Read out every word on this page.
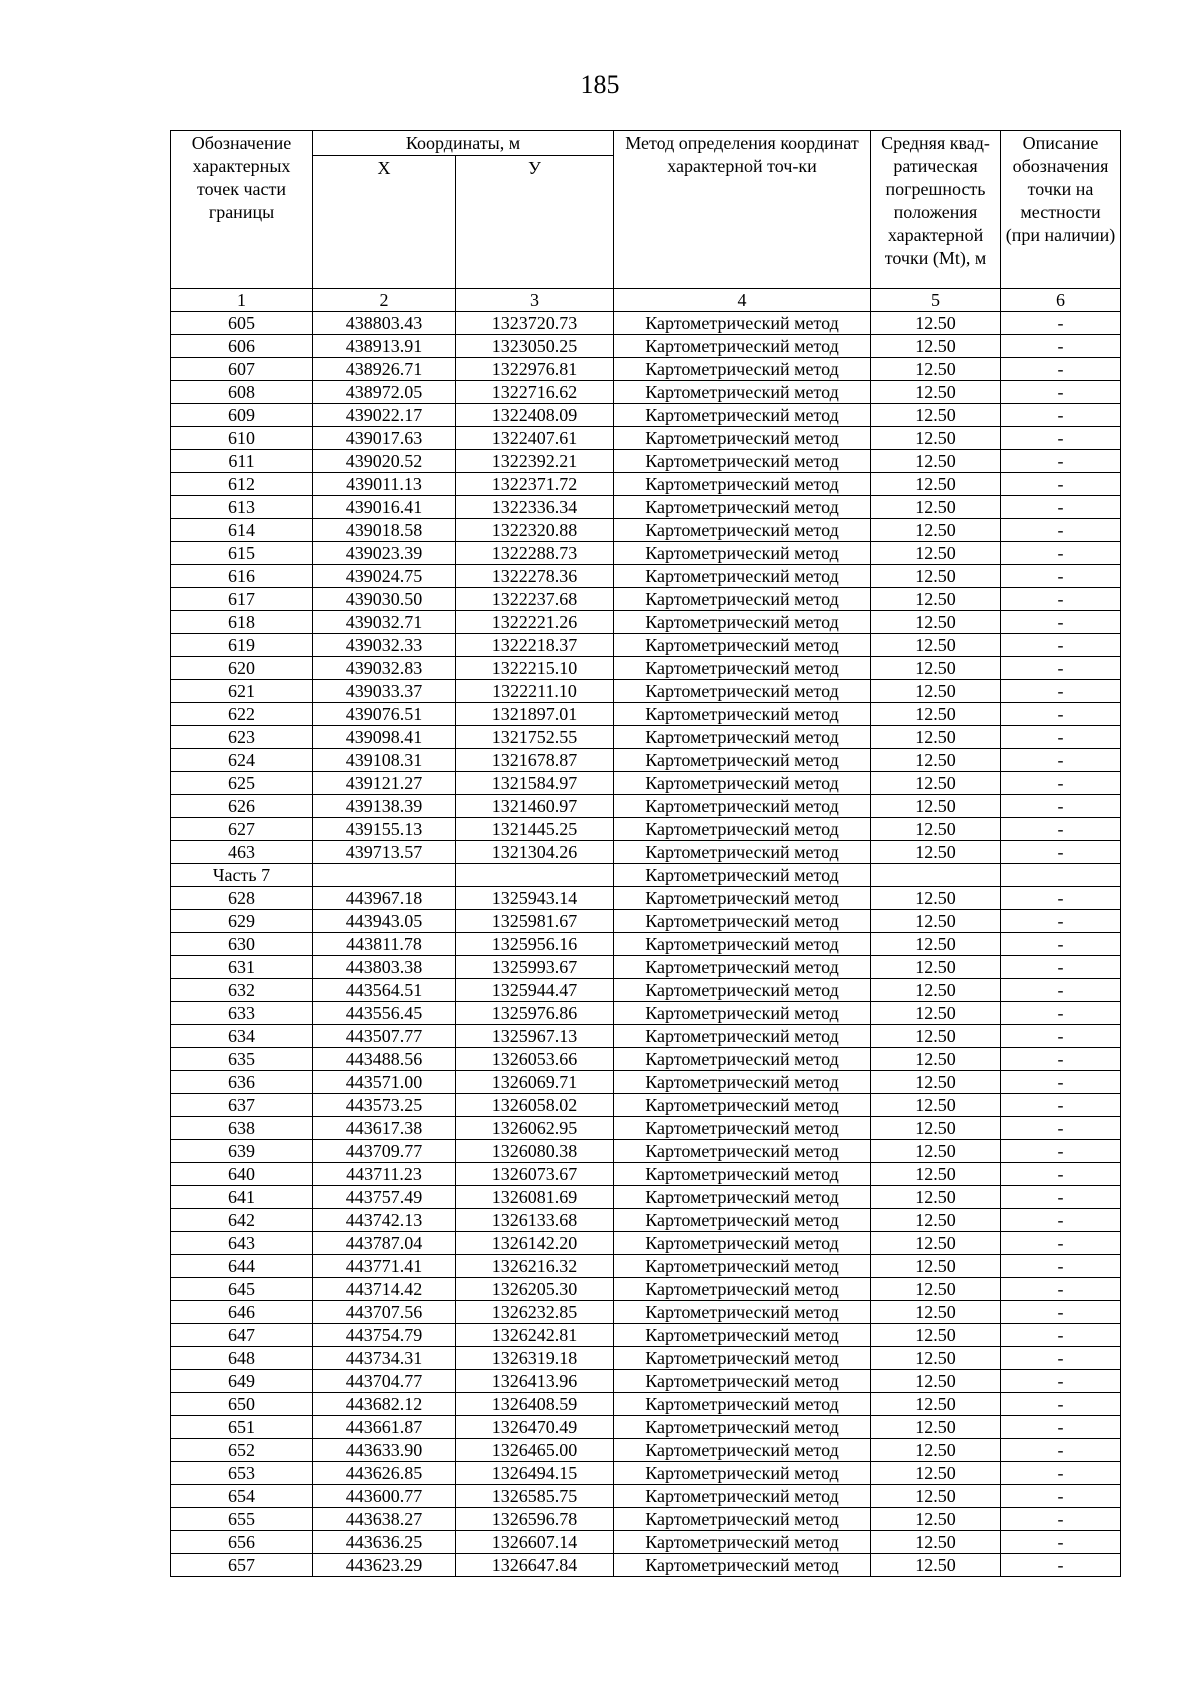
185
Обозначение характерных точек части границы	Координаты, м		Метод определения координат характерной точ-ки	Средняя квад-ратическая погрешность положения характерной точки (Mt), м	Описание обозначения точки на местности (при наличии)
	X	У			
1	2	3	4	5	6
605	438803.43	1323720.73	Картометрический метод	12.50	-
606	438913.91	1323050.25	Картометрический метод	12.50	-
607	438926.71	1322976.81	Картометрический метод	12.50	-
608	438972.05	1322716.62	Картометрический метод	12.50	-
609	439022.17	1322408.09	Картометрический метод	12.50	-
610	439017.63	1322407.61	Картометрический метод	12.50	-
611	439020.52	1322392.21	Картометрический метод	12.50	-
612	439011.13	1322371.72	Картометрический метод	12.50	-
613	439016.41	1322336.34	Картометрический метод	12.50	-
614	439018.58	1322320.88	Картометрический метод	12.50	-
615	439023.39	1322288.73	Картометрический метод	12.50	-
616	439024.75	1322278.36	Картометрический метод	12.50	-
617	439030.50	1322237.68	Картометрический метод	12.50	-
618	439032.71	1322221.26	Картометрический метод	12.50	-
619	439032.33	1322218.37	Картометрический метод	12.50	-
620	439032.83	1322215.10	Картометрический метод	12.50	-
621	439033.37	1322211.10	Картометрический метод	12.50	-
622	439076.51	1321897.01	Картометрический метод	12.50	-
623	439098.41	1321752.55	Картометрический метод	12.50	-
624	439108.31	1321678.87	Картометрический метод	12.50	-
625	439121.27	1321584.97	Картометрический метод	12.50	-
626	439138.39	1321460.97	Картометрический метод	12.50	-
627	439155.13	1321445.25	Картометрический метод	12.50	-
463	439713.57	1321304.26	Картометрический метод	12.50	-
Часть 7			Картометрический метод		
628	443967.18	1325943.14	Картометрический метод	12.50	-
629	443943.05	1325981.67	Картометрический метод	12.50	-
630	443811.78	1325956.16	Картометрический метод	12.50	-
631	443803.38	1325993.67	Картометрический метод	12.50	-
632	443564.51	1325944.47	Картометрический метод	12.50	-
633	443556.45	1325976.86	Картометрический метод	12.50	-
634	443507.77	1325967.13	Картометрический метод	12.50	-
635	443488.56	1326053.66	Картометрический метод	12.50	-
636	443571.00	1326069.71	Картометрический метод	12.50	-
637	443573.25	1326058.02	Картометрический метод	12.50	-
638	443617.38	1326062.95	Картометрический метод	12.50	-
639	443709.77	1326080.38	Картометрический метод	12.50	-
640	443711.23	1326073.67	Картометрический метод	12.50	-
641	443757.49	1326081.69	Картометрический метод	12.50	-
642	443742.13	1326133.68	Картометрический метод	12.50	-
643	443787.04	1326142.20	Картометрический метод	12.50	-
644	443771.41	1326216.32	Картометрический метод	12.50	-
645	443714.42	1326205.30	Картометрический метод	12.50	-
646	443707.56	1326232.85	Картометрический метод	12.50	-
647	443754.79	1326242.81	Картометрический метод	12.50	-
648	443734.31	1326319.18	Картометрический метод	12.50	-
649	443704.77	1326413.96	Картометрический метод	12.50	-
650	443682.12	1326408.59	Картометрический метод	12.50	-
651	443661.87	1326470.49	Картометрический метод	12.50	-
652	443633.90	1326465.00	Картометрический метод	12.50	-
653	443626.85	1326494.15	Картометрический метод	12.50	-
654	443600.77	1326585.75	Картометрический метод	12.50	-
655	443638.27	1326596.78	Картометрический метод	12.50	-
656	443636.25	1326607.14	Картометрический метод	12.50	-
657	443623.29	1326647.84	Картометрический метод	12.50	-
